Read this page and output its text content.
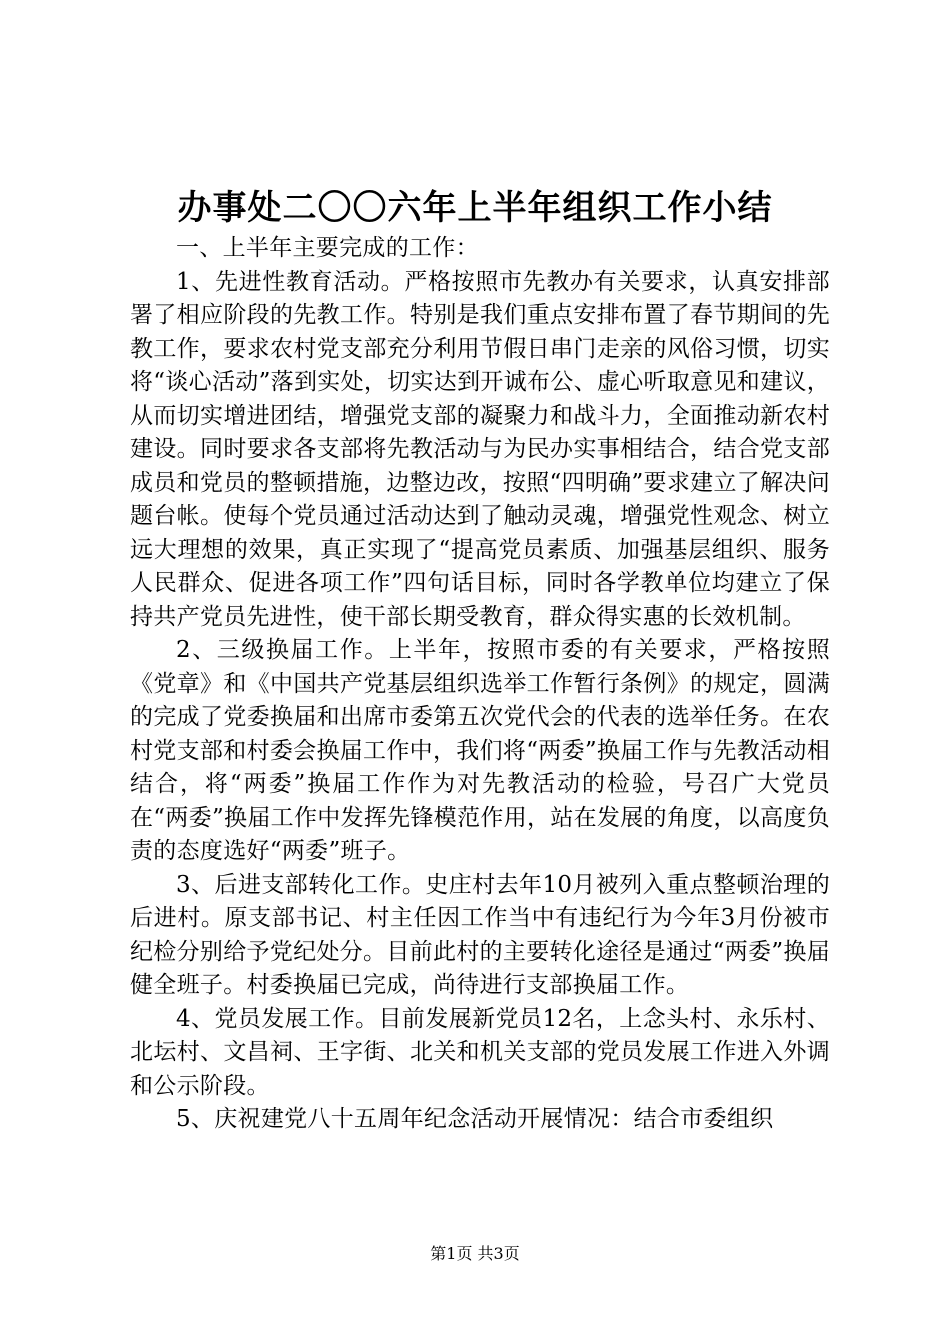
办事处二〇〇六年上半年组织工作小结

一、上半年主要完成的工作：

1、先进性教育活动。严格按照市先教办有关要求，认真安排部署了相应阶段的先教工作。特别是我们重点安排布置了春节期间的先教工作，要求农村党支部充分利用节假日串门走亲的风俗习惯，切实将“谈心活动”落到实处，切实达到开诚布公、虚心听取意见和建议，从而切实增进团结，增强党支部的凝聚力和战斗力，全面推动新农村建设。同时要求各支部将先教活动与为民办实事相结合，结合党支部成员和党员的整顿措施，边整边改，按照“四明确”要求建立了解决问题台帐。使每个党员通过活动达到了触动灵魂，增强党性观念、树立远大理想的效果，真正实现了“提高党员素质、加强基层组织、服务人民群众、促进各项工作”四句话目标，同时各学教单位均建立了保持共产党员先进性，使干部长期受教育，群众得实惠的长效机制。

2、三级换届工作。上半年，按照市委的有关要求，严格按照《党章》和《中国共产党基层组织选举工作暂行条例》的规定，圆满的完成了党委换届和出席市委第五次党代会的代表的选举任务。在农村党支部和村委会换届工作中，我们将“两委”换届工作与先教活动相结合，将“两委”换届工作作为对先教活动的检验，号召广大党员在“两委”换届工作中发挥先锋模范作用，站在发展的角度，以高度负责的态度选好“两委”班子。

3、后进支部转化工作。史庄村去年10月被列入重点整顿治理的后进村。原支部书记、村主任因工作当中有违纪行为今年3月份被市纪检分别给予党纪处分。目前此村的主要转化途径是通过“两委”换届健全班子。村委换届已完成，尚待进行支部换届工作。

4、党员发展工作。目前发展新党员12名，上念头村、永乐村、北坛村、文昌祠、王字街、北关和机关支部的党员发展工作进入外调和公示阶段。

5、庆祝建党八十五周年纪念活动开展情况：结合市委组织

第1页 共3页
